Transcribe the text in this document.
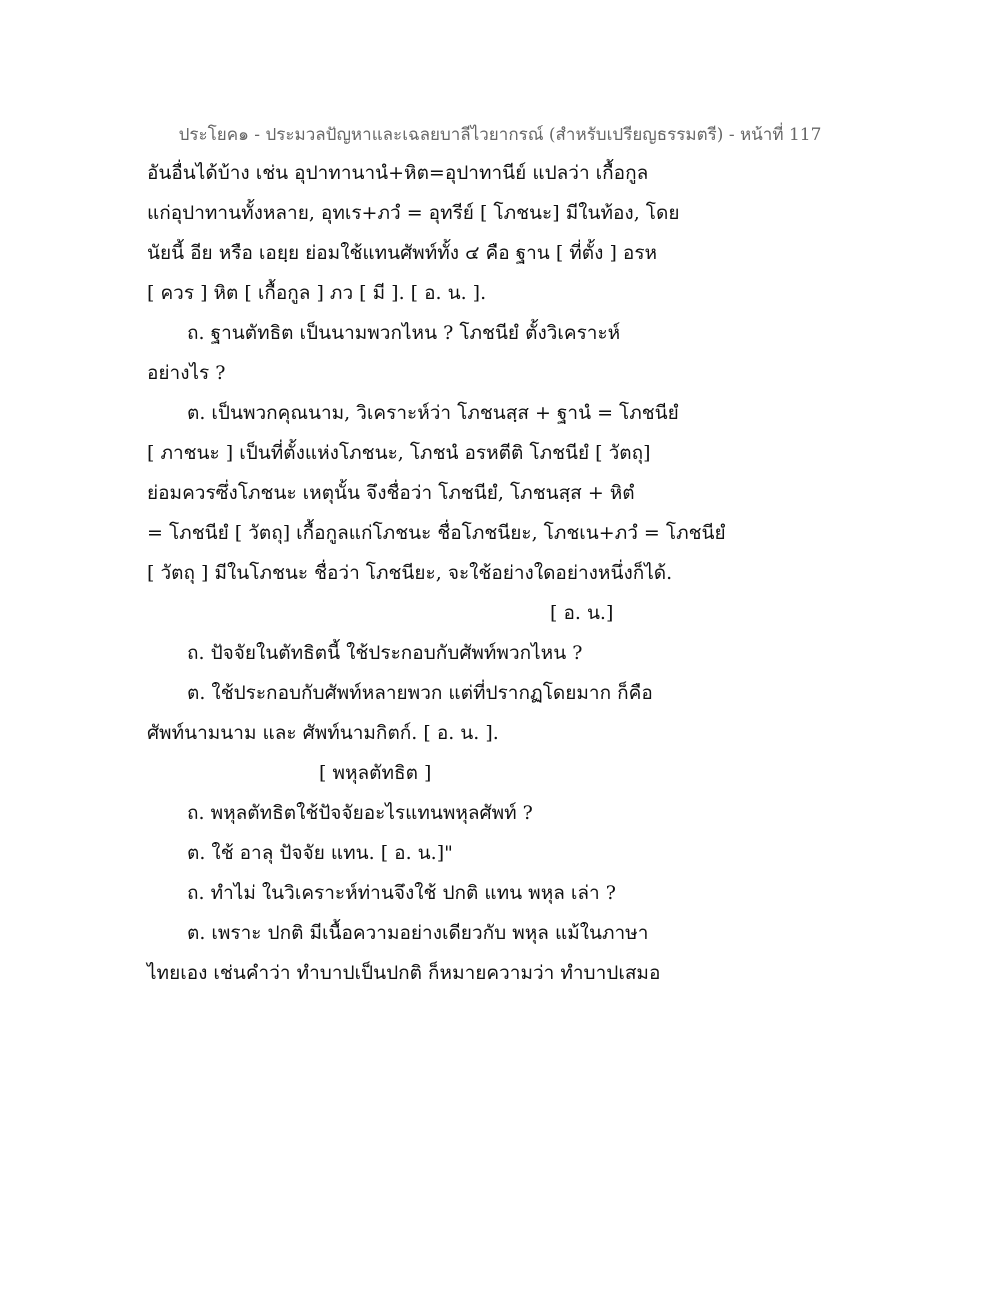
ประโยค๑ - ประมวลปัญหาและเฉลยบาลีไวยากรณ์ (สำหรับเปรียญธรรมตรี) - หน้าที่ 117
อันอื่นได้บ้าง เช่น อุปาทานานํ+หิต=อุปาทานีย์ แปลว่า เกื้อกูล
แก่อุปาทานทั้งหลาย, อุทเร+ภวํ = อุทรีย์ [ โภชนะ] มีในท้อง, โดย
นัยนี้ อีย หรือ เอยฺย ย่อมใช้แทนศัพท์ทั้ง ๔ คือ ฐาน [ ที่ตั้ง ] อรห
[ ควร ] หิต [ เกื้อกูล ] ภว [ มี ]. [ อ. น. ].
ถ. ฐานตัทธิต เป็นนามพวกไหน ? โภชนียํ ตั้งวิเคราะห์
อย่างไร ?
ต. เป็นพวกคุณนาม, วิเคราะห์ว่า โภชนสฺส + ฐานํ = โภชนียํ
[ ภาชนะ ] เป็นที่ตั้งแห่งโภชนะ, โภชนํ อรหตีติ โภชนียํ [ วัตถุ]
ย่อมควรซึ่งโภชนะ เหตุนั้น จึงชื่อว่า โภชนียํ, โภชนสฺส + หิตํ
= โภชนียํ [ วัตถุ] เกื้อกูลแก่โภชนะ ชื่อโภชนียะ, โภชเน+ภวํ = โภชนียํ
[ วัตถุ ] มีในโภชนะ ชื่อว่า โภชนียะ, จะใช้อย่างใดอย่างหนึ่งก็ได้.
[ อ. น.]
ถ. ปัจจัยในตัทธิตนี้ ใช้ประกอบกับศัพท์พวกไหน ?
ต. ใช้ประกอบกับศัพท์หลายพวก แต่ที่ปรากฏโดยมาก ก็คือ
ศัพท์นามนาม และ ศัพท์นามกิตก์. [ อ. น. ].
[ พหุลตัทธิต ]
ถ. พหุลตัทธิตใช้ปัจจัยอะไรแทนพหุลศัพท์ ?
ต. ใช้ อาลุ ปัจจัย แทน. [ อ. น.]"
ถ. ทำไม่ ในวิเคราะห์ท่านจึงใช้ ปกติ แทน พหุล เล่า ?
ต. เพราะ ปกติ มีเนื้อความอย่างเดียวกับ พหุล แม้ในภาษา
ไทยเอง เช่นคำว่า ทำบาปเป็นปกติ ก็หมายความว่า ทำบาปเสมอ
